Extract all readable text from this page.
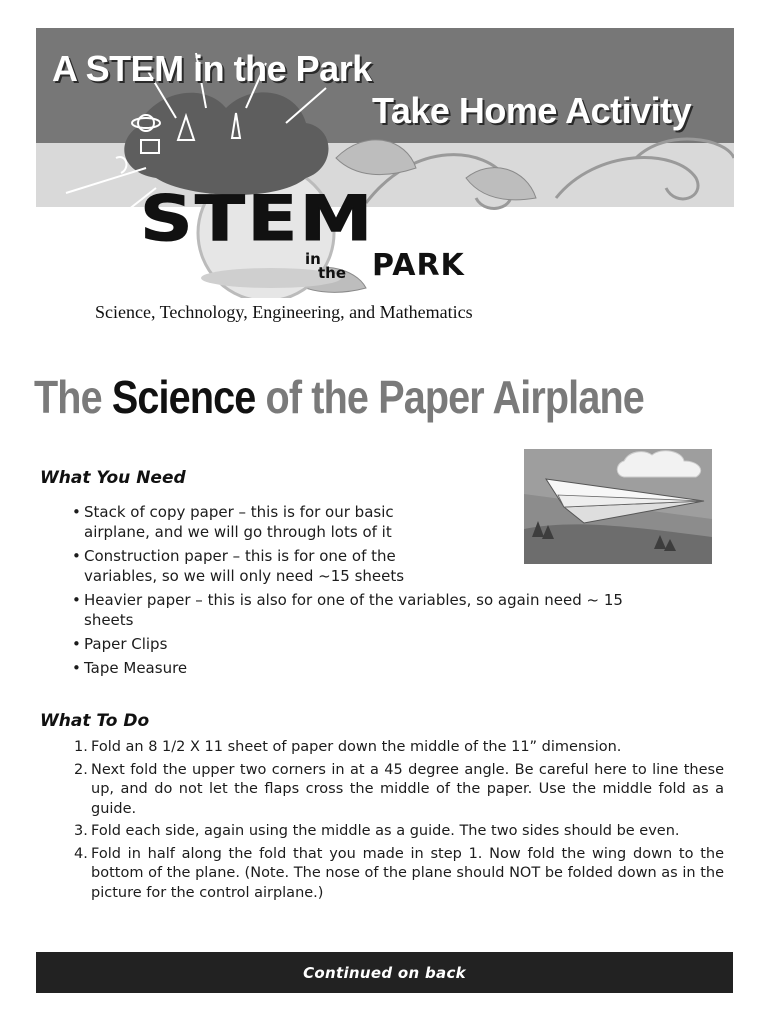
A STEM in the Park
Take Home Activity
STEM
in
the PARK
Science, Technology, Engineering, and Mathematics
The Science of the Paper Airplane
What You Need
• Stack of copy paper – this is for our basic airplane, and we will go through lots of it
• Construction paper – this is for one of the variables, so we will only need ~15 sheets
• Heavier paper – this is also for one of the variables, so again need ~ 15 sheets
• Paper Clips
• Tape Measure
What To Do
1. Fold an 8 1/2 X 11 sheet of paper down the middle of the 11” dimension.
2. Next fold the upper two corners in at a 45 degree angle. Be careful here to line these up, and do not let the flaps cross the middle of the paper. Use the middle fold as a guide.
3. Fold each side, again using the middle as a guide. The two sides should be even.
4. Fold in half along the fold that you made in step 1. Now fold the wing down to the bottom of the plane. (Note. The nose of the plane should NOT be folded down as in the picture for the control airplane.)
Continued on back
